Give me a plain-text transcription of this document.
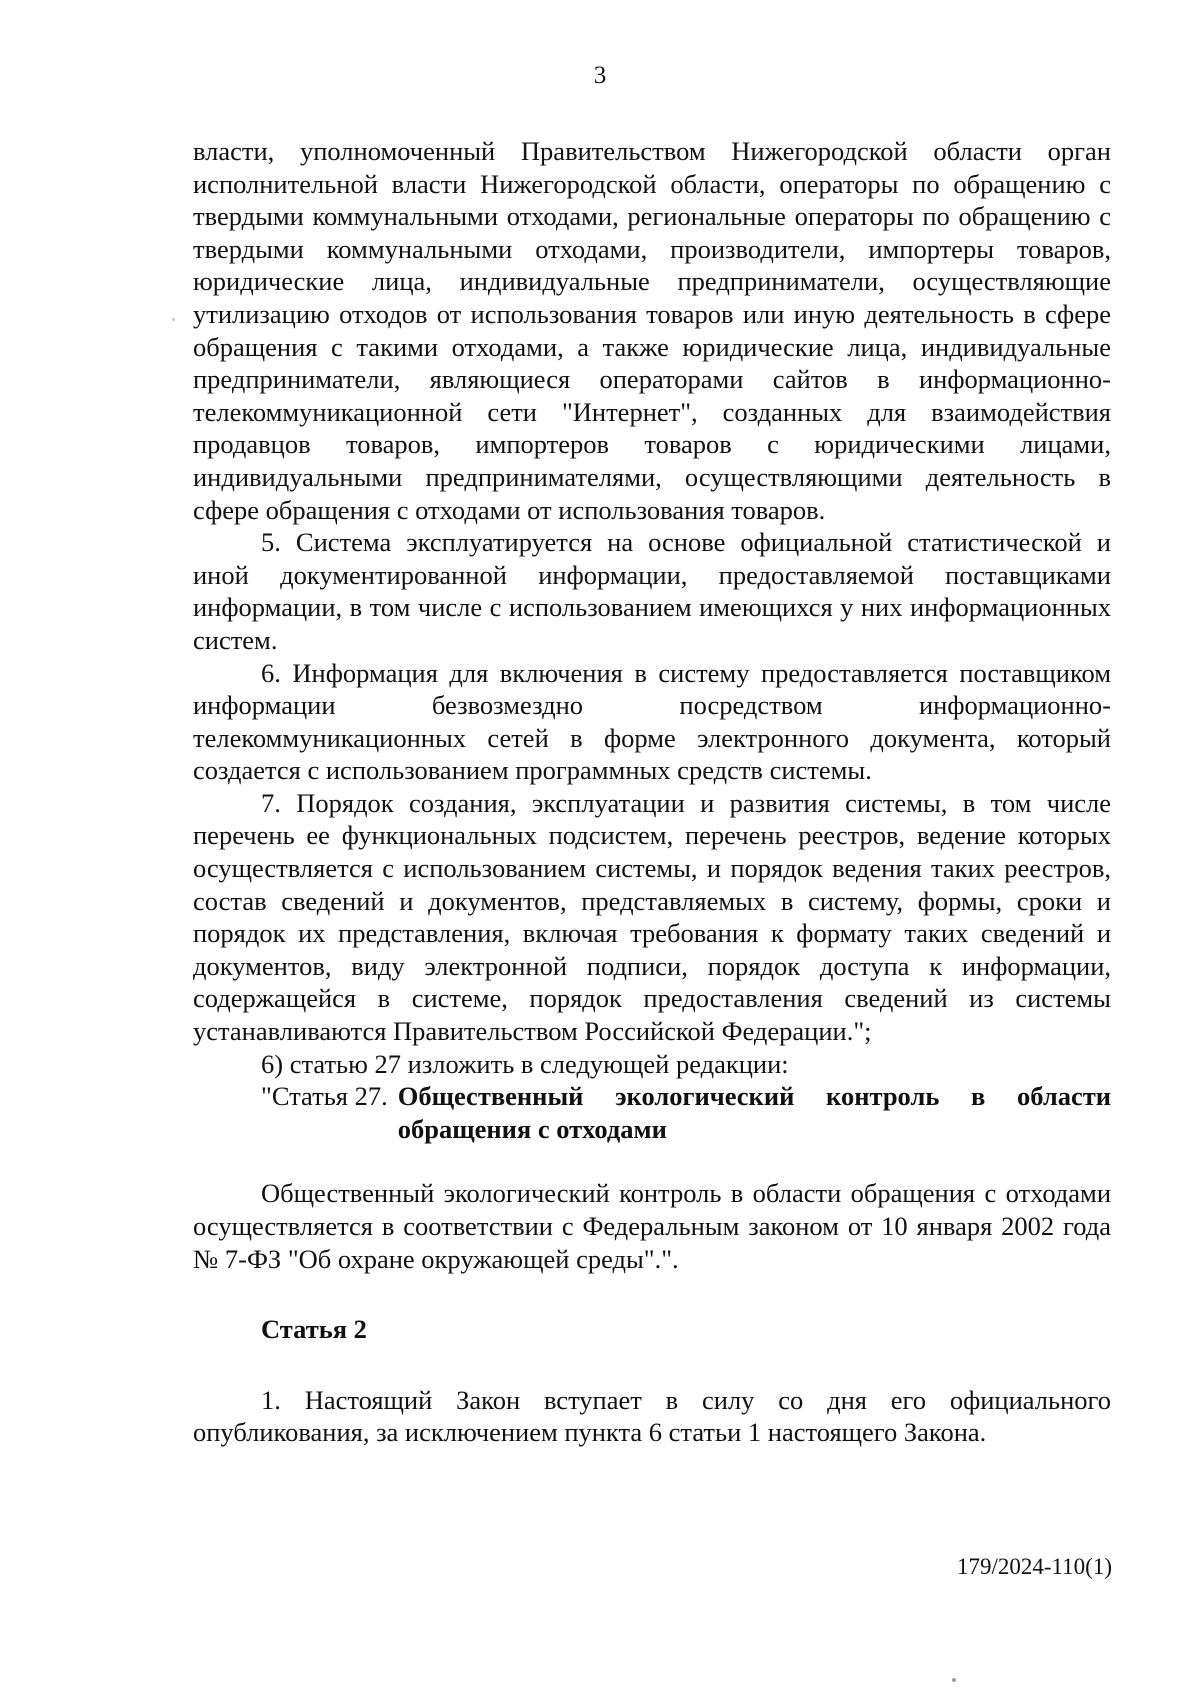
3

власти, уполномоченный Правительством Нижегородской области орган исполнительной власти Нижегородской области, операторы по обращению с твердыми коммунальными отходами, региональные операторы по обращению с твердыми коммунальными отходами, производители, импортеры товаров, юридические лица, индивидуальные предприниматели, осуществляющие утилизацию отходов от использования товаров или иную деятельность в сфере обращения с такими отходами, а также юридические лица, индивидуальные предприниматели, являющиеся операторами сайтов в информационно-телекоммуникационной сети "Интернет", созданных для взаимодействия продавцов товаров, импортеров товаров с юридическими лицами, индивидуальными предпринимателями, осуществляющими деятельность в сфере обращения с отходами от использования товаров.

5. Система эксплуатируется на основе официальной статистической и иной документированной информации, предоставляемой поставщиками информации, в том числе с использованием имеющихся у них информационных систем.

6. Информация для включения в систему предоставляется поставщиком информации безвозмездно посредством информационно-телекоммуникационных сетей в форме электронного документа, который создается с использованием программных средств системы.

7. Порядок создания, эксплуатации и развития системы, в том числе перечень ее функциональных подсистем, перечень реестров, ведение которых осуществляется с использованием системы, и порядок ведения таких реестров, состав сведений и документов, представляемых в систему, формы, сроки и порядок их представления, включая требования к формату таких сведений и документов, виду электронной подписи, порядок доступа к информации, содержащейся в системе, порядок предоставления сведений из системы устанавливаются Правительством Российской Федерации.";

6) статью 27 изложить в следующей редакции:

"Статья 27. Общественный экологический контроль в области обращения с отходами

Общественный экологический контроль в области обращения с отходами осуществляется в соответствии с Федеральным законом от 10 января 2002 года № 7-ФЗ "Об охране окружающей среды".".

Статья 2

1. Настоящий Закон вступает в силу со дня его официального опубликования, за исключением пункта 6 статьи 1 настоящего Закона.

179/2024-110(1)
